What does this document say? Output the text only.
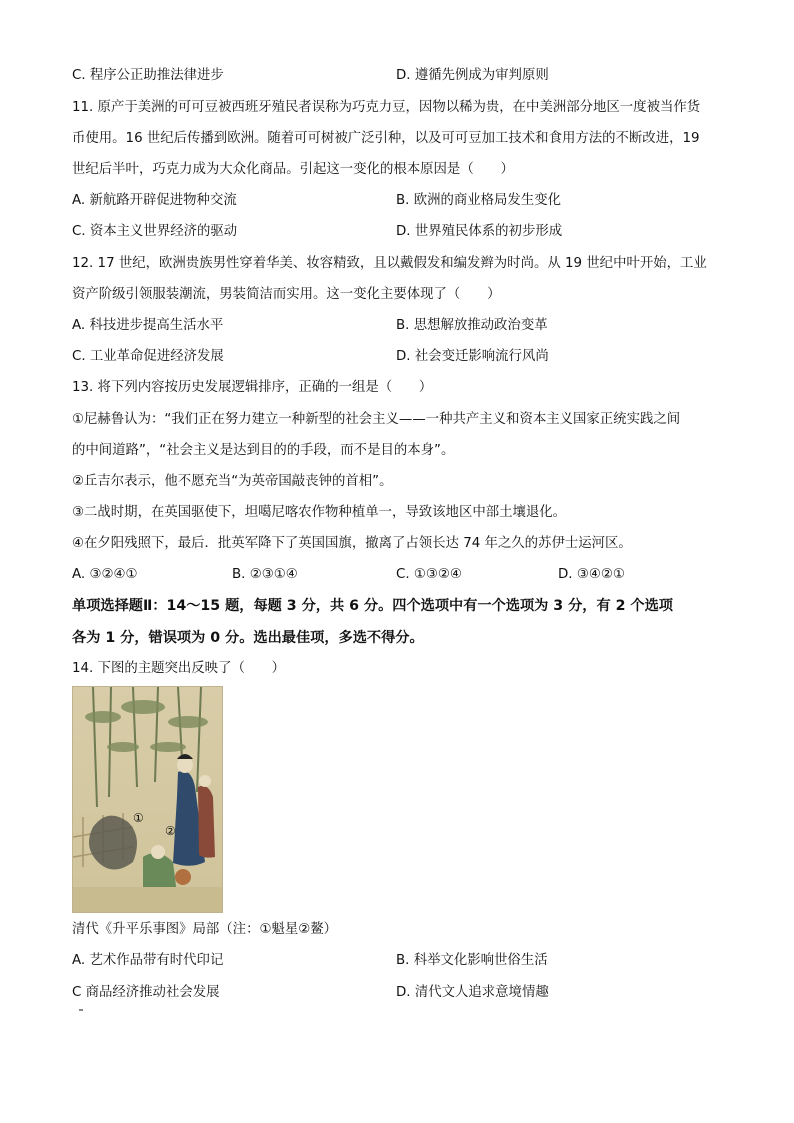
C. 程序公正助推法律进步	D. 遵循先例成为审判原则
11. 原产于美洲的可可豆被西班牙殖民者误称为巧克力豆，因物以稀为贵，在中美洲部分地区一度被当作货
币使用。16 世纪后传播到欧洲。随着可可树被广泛引种，以及可可豆加工技术和食用方法的不断改进，19
世纪后半叶，巧克力成为大众化商品。引起这一变化的根本原因是（　　）
A. 新航路开辟促进物种交流	B. 欧洲的商业格局发生变化
C. 资本主义世界经济的驱动	D. 世界殖民体系的初步形成
12. 17 世纪，欧洲贵族男性穿着华美、妆容精致，且以戴假发和编发辫为时尚。从 19 世纪中叶开始，工业
资产阶级引领服装潮流，男装简洁而实用。这一变化主要体现了（　　）
A. 科技进步提高生活水平	B. 思想解放推动政治变革
C. 工业革命促进经济发展	D. 社会变迁影响流行风尚
13. 将下列内容按历史发展逻辑排序，正确的一组是（　　）
①尼赫鲁认为：“我们正在努力建立一种新型的社会主义——一种共产主义和资本主义国家正统实践之间
的中间道路”，“社会主义是达到目的的手段，而不是目的本身”。
②丘吉尔表示，他不愿充当“为英帝国敲丧钟的首相”。
③二战时期，在英国驱使下，坦噶尼喀农作物种植单一，导致该地区中部土壤退化。
④在夕阳残照下，最后．批英军降下了英国国旗，撤离了占领长达 74 年之久的苏伊士运河区。
A. ③②④①	B. ②③①④	C. ①③②④	D. ③④②①
单项选择题Ⅱ：14～15 题，每题 3 分，共 6 分。四个选项中有一个选项为 3 分，有 2 个选项
各为 1 分，错误项为 0 分。选出最佳项，多选不得分。
14. 下图的主题突出反映了（　　）
①
②
清代《升平乐事图》局部（注：①魁星②鳌）
A. 艺术作品带有时代印记	B. 科举文化影响世俗生活
C 商品经济推动社会发展	D. 清代文人追求意境情趣
